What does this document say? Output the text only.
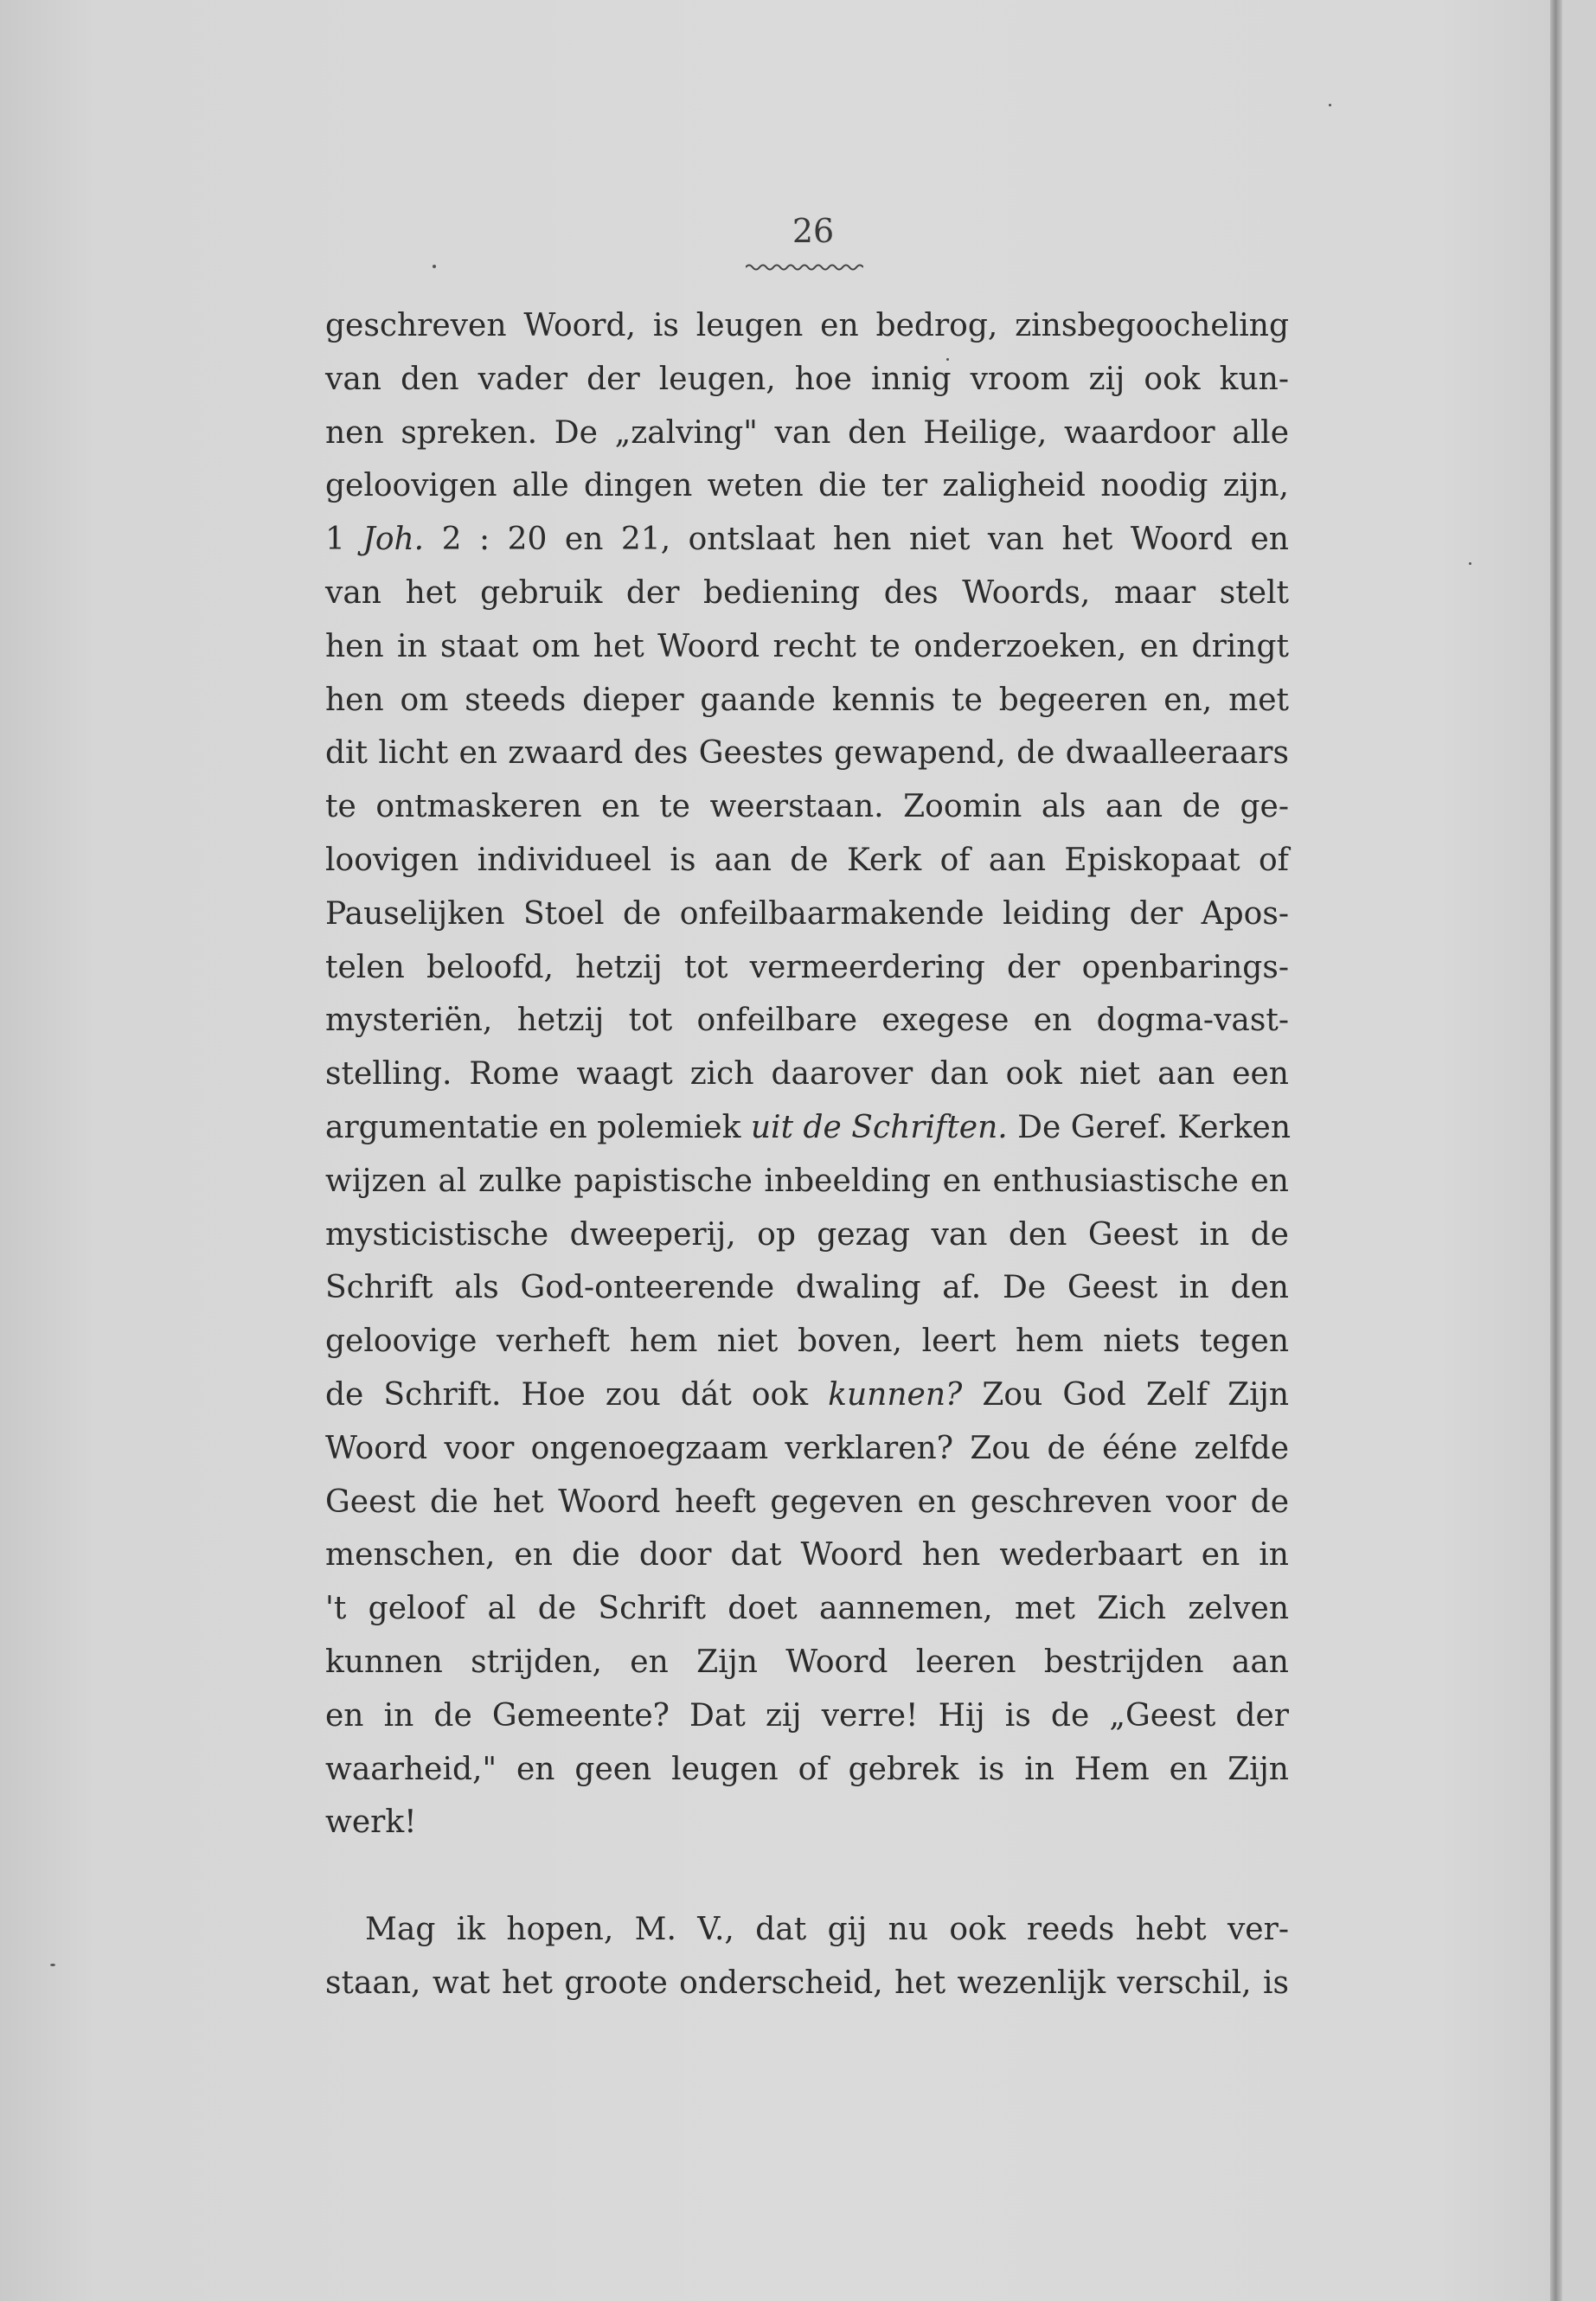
26
geschreven Woord, is leugen en bedrog, zinsbegoocheling
van den vader der leugen, hoe innig vroom zij ook kun-
nen spreken. De „zalving" van den Heilige, waardoor alle
geloovigen alle dingen weten die ter zaligheid noodig zijn,
1 Joh. 2 : 20 en 21, ontslaat hen niet van het Woord en
van het gebruik der bediening des Woords, maar stelt
hen in staat om het Woord recht te onderzoeken, en dringt
hen om steeds dieper gaande kennis te begeeren en, met
dit licht en zwaard des Geestes gewapend, de dwaalleeraars
te ontmaskeren en te weerstaan. Zoomin als aan de ge-
loovigen individueel is aan de Kerk of aan Episkopaat of
Pauselijken Stoel de onfeilbaarmakende leiding der Apos-
telen beloofd, hetzij tot vermeerdering der openbarings-
mysteriën, hetzij tot onfeilbare exegese en dogma-vast-
stelling. Rome waagt zich daarover dan ook niet aan een
argumentatie en polemiek uit de Schriften. De Geref. Kerken
wijzen al zulke papistische inbeelding en enthusiastische en
mysticistische dweeperij, op gezag van den Geest in de
Schrift als God-onteerende dwaling af. De Geest in den
geloovige verheft hem niet boven, leert hem niets tegen
de Schrift. Hoe zou dát ook kunnen? Zou God Zelf Zijn
Woord voor ongenoegzaam verklaren? Zou de ééne zelfde
Geest die het Woord heeft gegeven en geschreven voor de
menschen, en die door dat Woord hen wederbaart en in
't geloof al de Schrift doet aannemen, met Zich zelven
kunnen strijden, en Zijn Woord leeren bestrijden aan
en in de Gemeente? Dat zij verre! Hij is de „Geest der
waarheid," en geen leugen of gebrek is in Hem en Zijn
werk!
Mag ik hopen, M. V., dat gij nu ook reeds hebt ver-
staan, wat het groote onderscheid, het wezenlijk verschil, is
